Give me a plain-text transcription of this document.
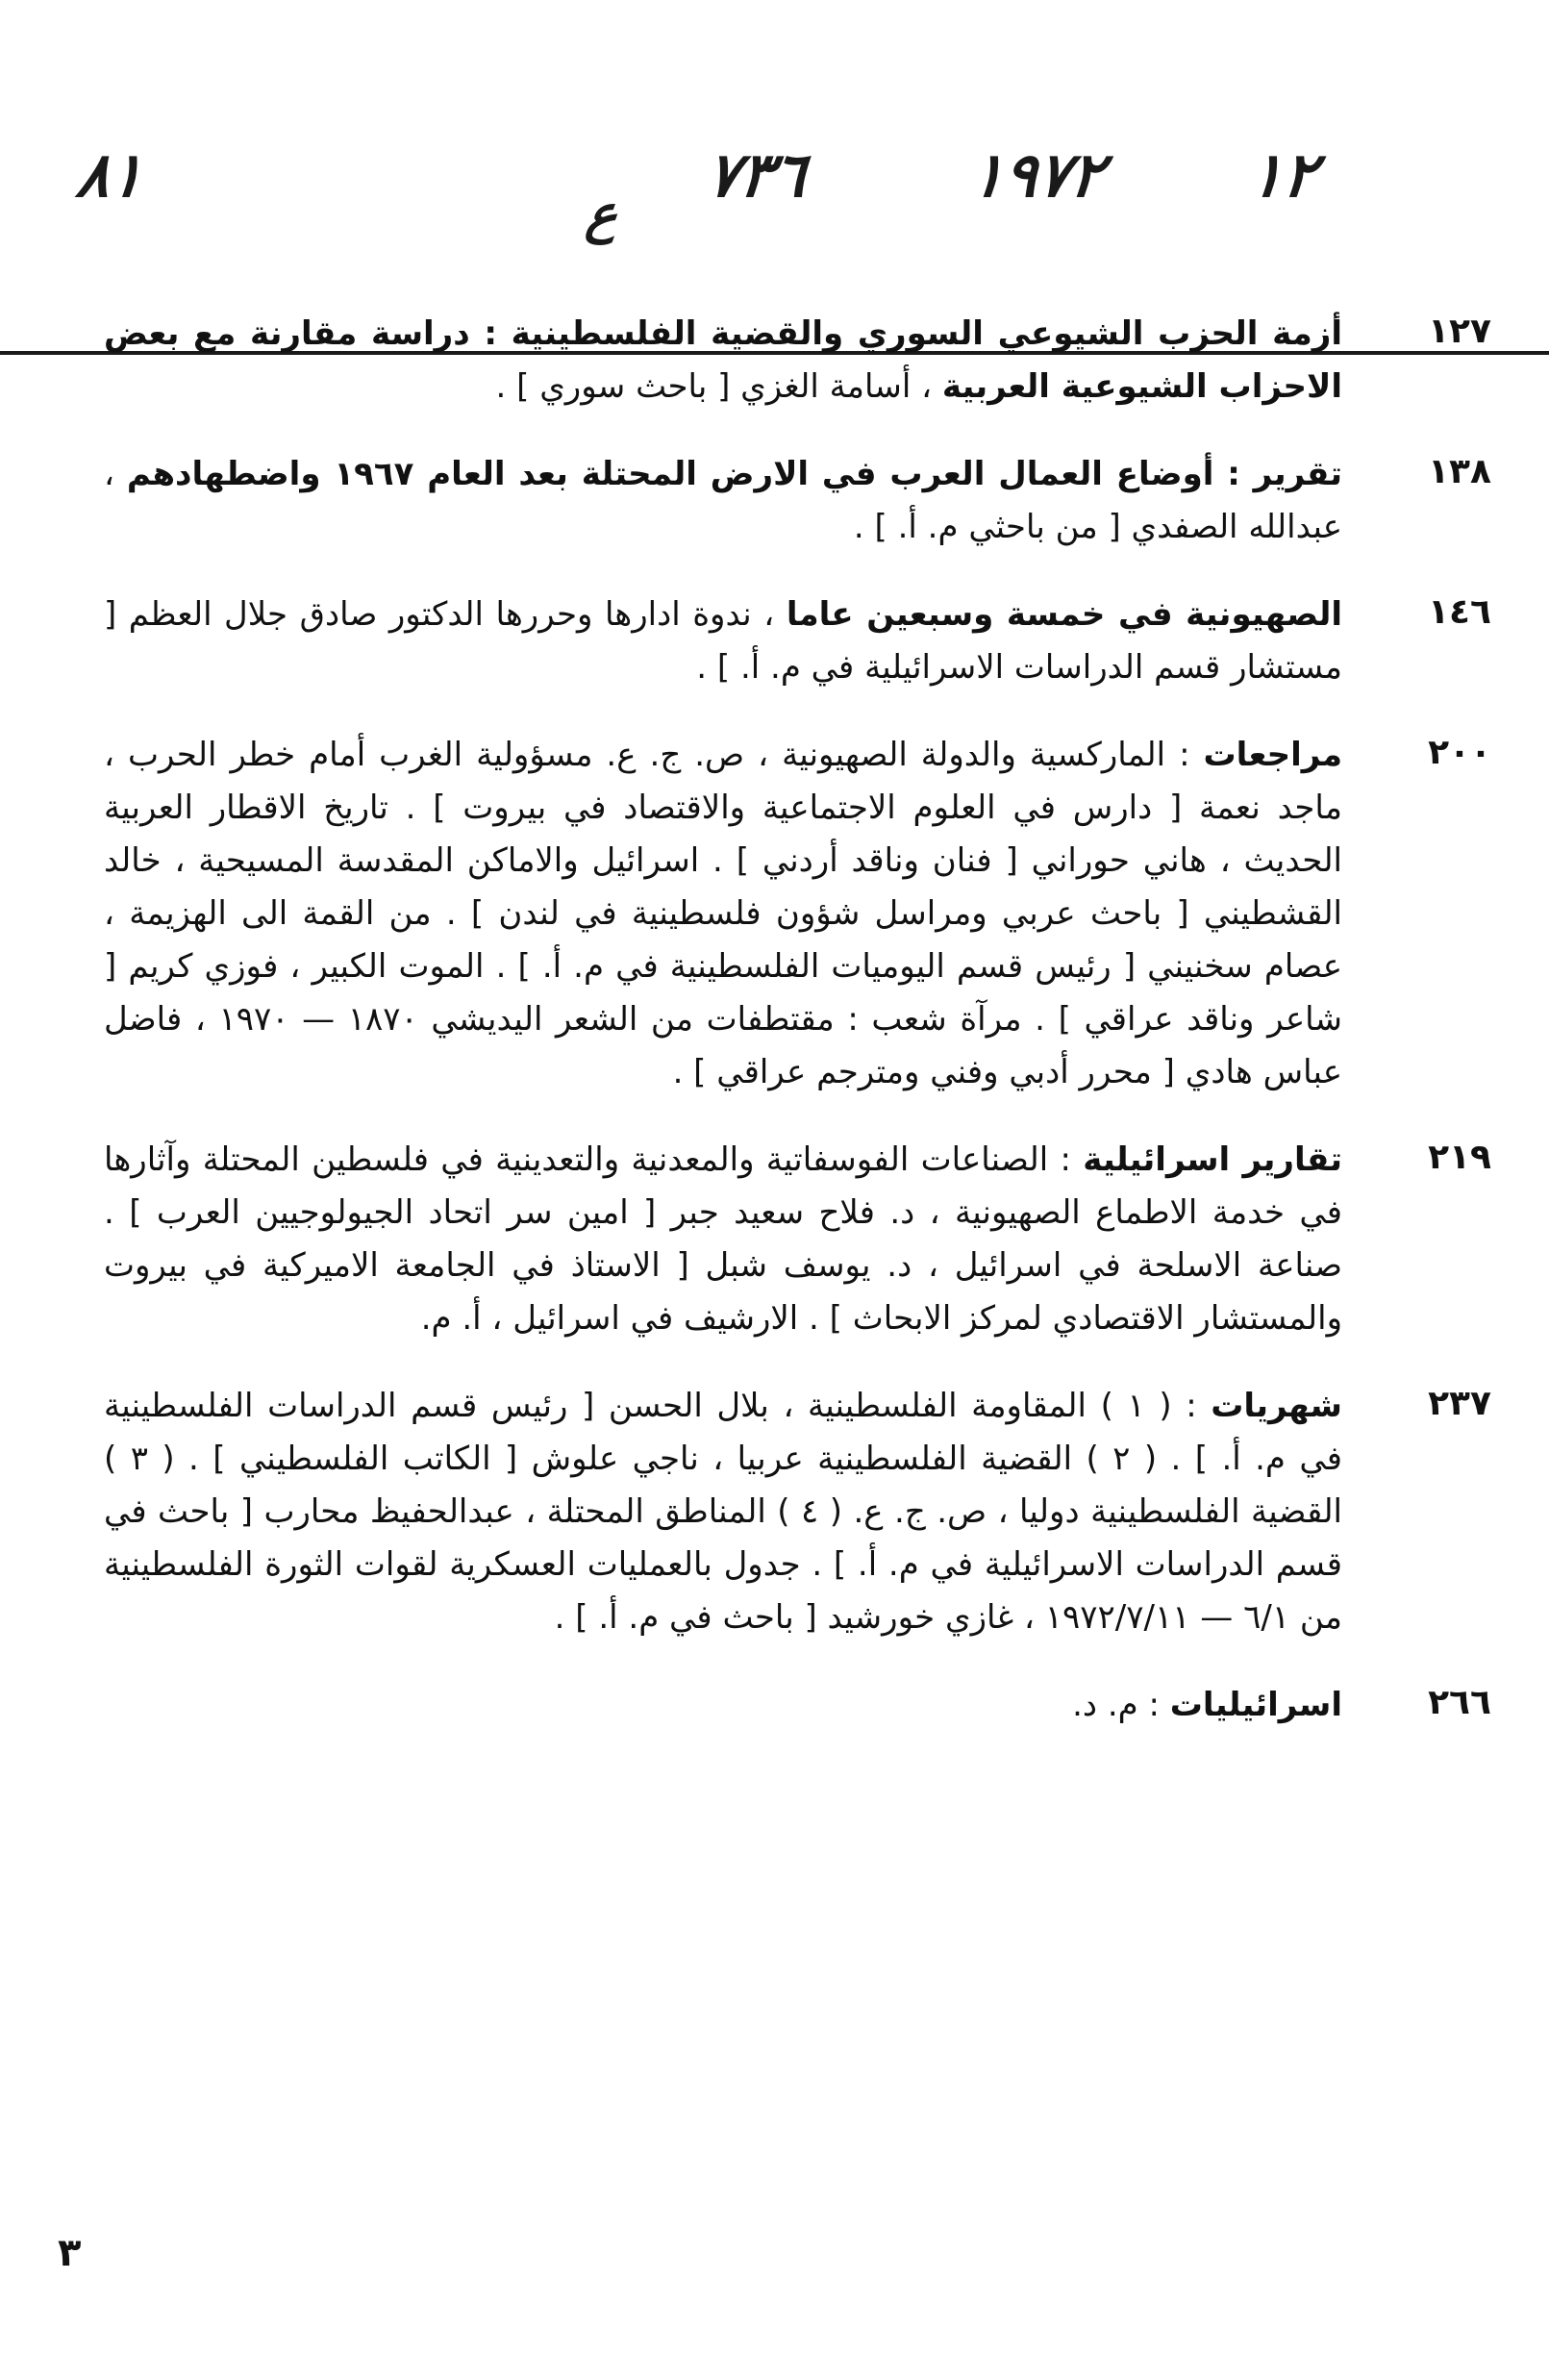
٧٣٦	١٩٧٢
ع
١٢
٨١
١٢٧
أزمة الحزب الشيوعي السوري والقضية الفلسطينية : دراسة مقارنة مع بعض الاحزاب الشيوعية العربية ، أسامة الغزي [ باحث سوري ] .
١٣٨
تقرير : أوضاع العمال العرب في الارض المحتلة بعد العام ١٩٦٧ واضطهادهم ، عبدالله الصفدي [ من باحثي م. أ. ] .
١٤٦
الصهيونية في خمسة وسبعين عاما ، ندوة ادارها وحررها الدكتور صادق جلال العظم [ مستشار قسم الدراسات الاسرائيلية في م. أ. ] .
٢٠٠
مراجعات : الماركسية والدولة الصهيونية ، ص. ج. ع. مسؤولية الغرب أمام خطر الحرب ، ماجد نعمة [ دارس في العلوم الاجتماعية والاقتصاد في بيروت ] . تاريخ الاقطار العربية الحديث ، هاني حوراني [ فنان وناقد أردني ] . اسرائيل والاماكن المقدسة المسيحية ، خالد القشطيني [ باحث عربي ومراسل شؤون فلسطينية في لندن ] . من القمة الى الهزيمة ، عصام سخنيني [ رئيس قسم اليوميات الفلسطينية في م. أ. ] . الموت الكبير ، فوزي كريم [ شاعر وناقد عراقي ] . مرآة شعب : مقتطفات من الشعر اليديشي ١٨٧٠ — ١٩٧٠ ، فاضل عباس هادي [ محرر أدبي وفني ومترجم عراقي ] .
٢١٩
تقارير اسرائيلية : الصناعات الفوسفاتية والمعدنية والتعدينية في فلسطين المحتلة وآثارها في خدمة الاطماع الصهيونية ، د. فلاح سعيد جبر [ امين سر اتحاد الجيولوجيين العرب ] . صناعة الاسلحة في اسرائيل ، د. يوسف شبل [ الاستاذ في الجامعة الاميركية في بيروت والمستشار الاقتصادي لمركز الابحاث ] . الارشيف في اسرائيل ، أ. م.
٢٣٧
شهريات : ( ١ ) المقاومة الفلسطينية ، بلال الحسن [ رئيس قسم الدراسات الفلسطينية في م. أ. ] . ( ٢ ) القضية الفلسطينية عربيا ، ناجي علوش [ الكاتب الفلسطيني ] . ( ٣ ) القضية الفلسطينية دوليا ، ص. ج. ع. ( ٤ ) المناطق المحتلة ، عبدالحفيظ محارب [ باحث في قسم الدراسات الاسرائيلية في م. أ. ] . جدول بالعمليات العسكرية لقوات الثورة الفلسطينية من ٦/١ — ١٩٧٢/٧/١١ ، غازي خورشيد [ باحث في م. أ. ] .
٢٦٦
اسرائيليات : م. د.
٣
